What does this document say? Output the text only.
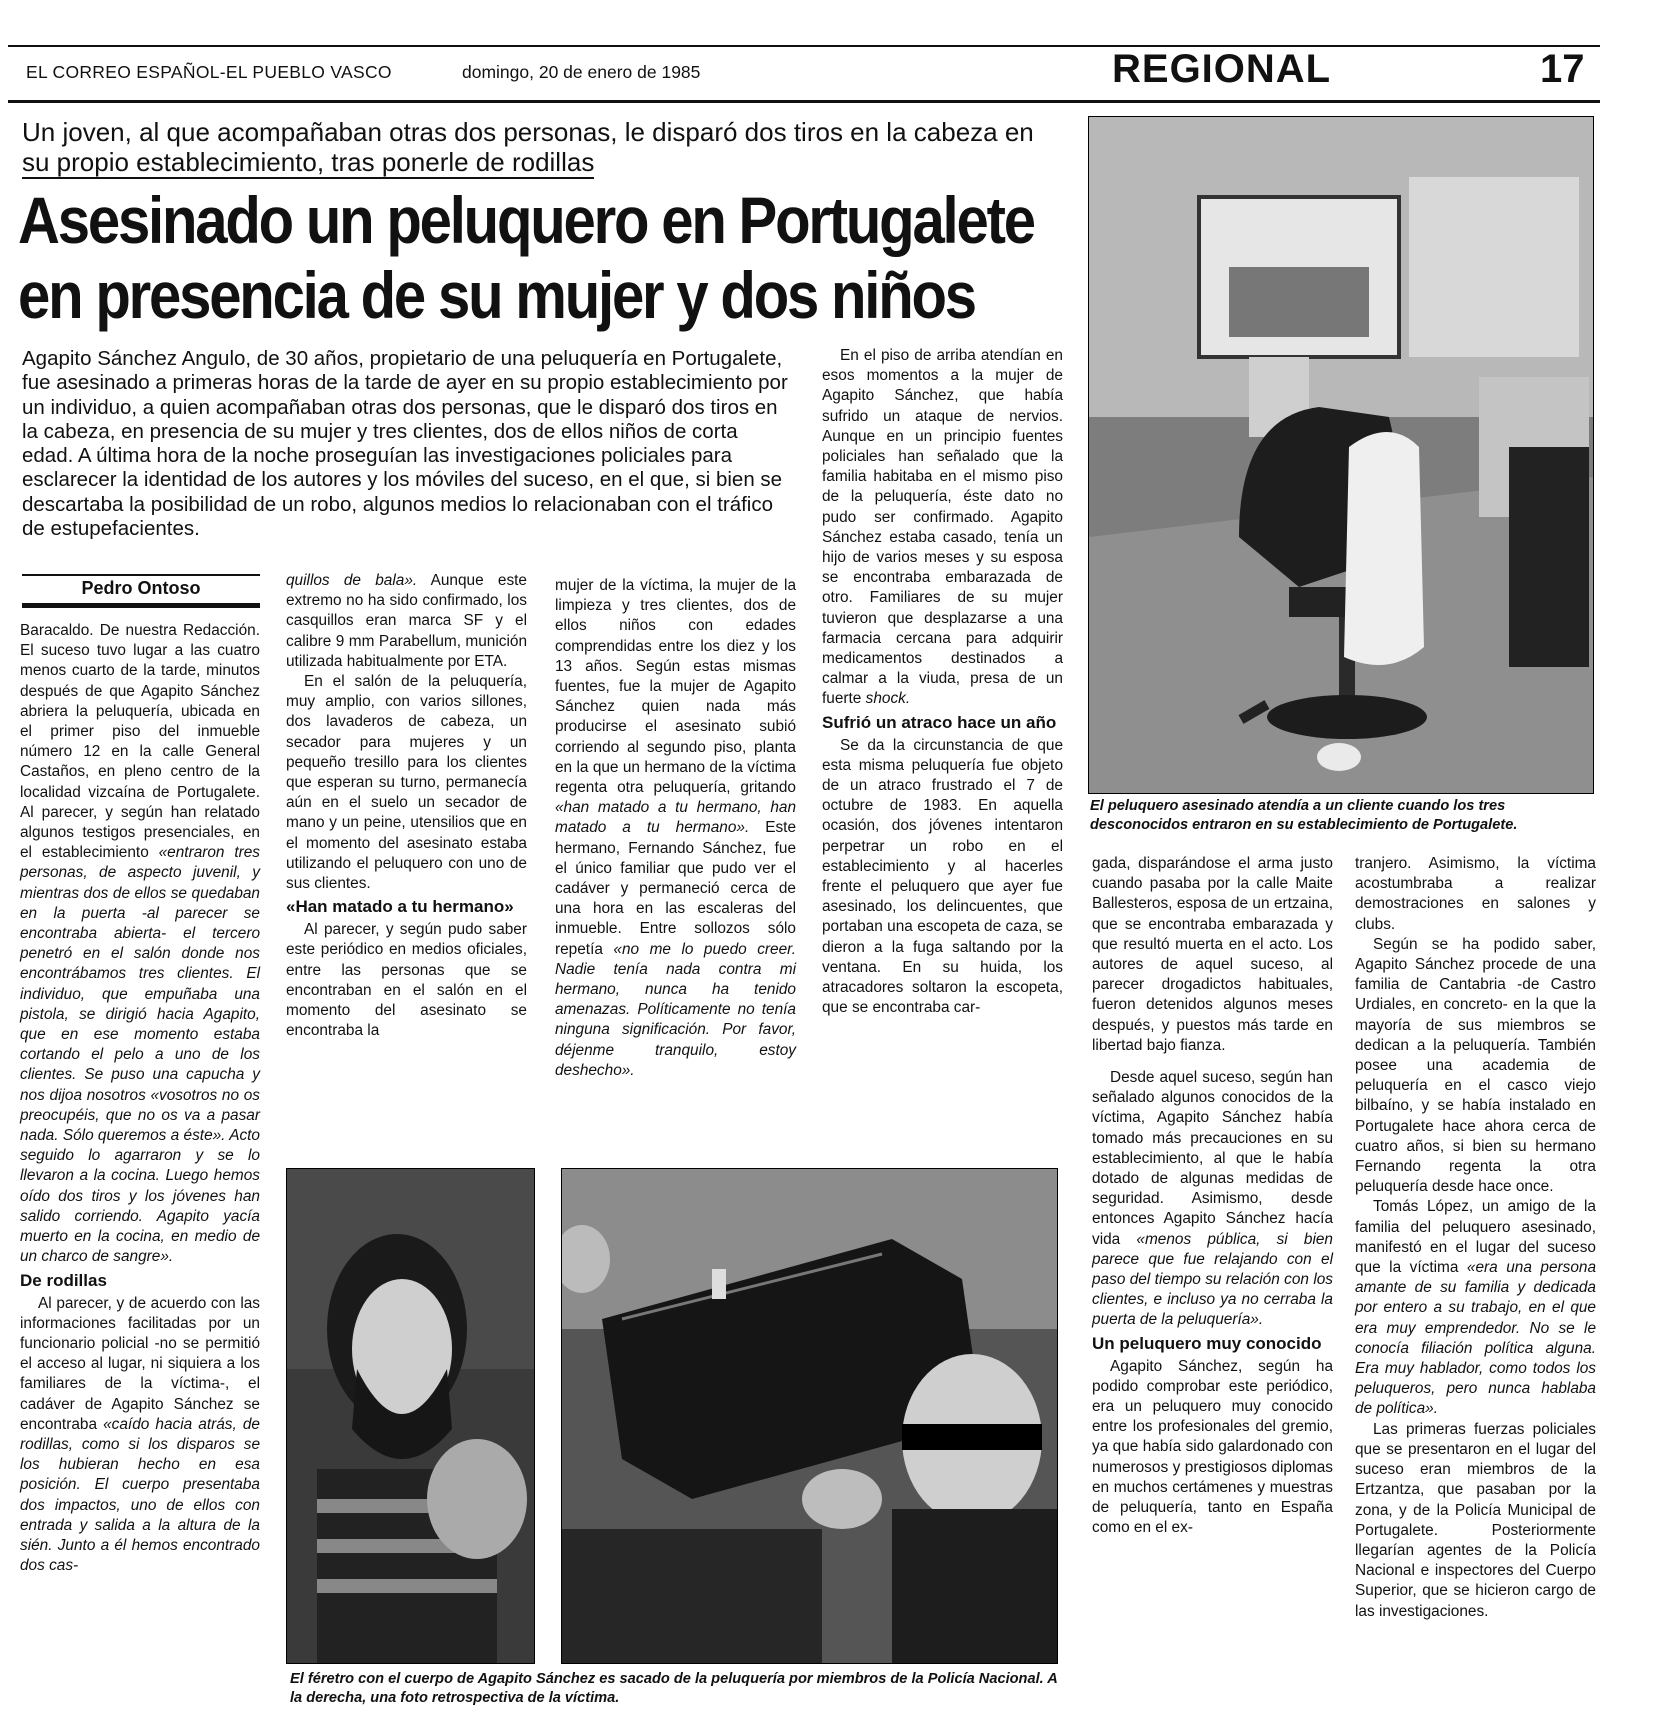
EL CORREO ESPAÑOL-EL PUEBLO VASCO	domingo, 20 de enero de 1985	REGIONAL	17
Un joven, al que acompañaban otras dos personas, le disparó dos tiros en la cabeza en
su propio establecimiento, tras ponerle de rodillas
Asesinado un peluquero en Portugalete
en presencia de su mujer y dos niños
Agapito Sánchez Angulo, de 30 años, propietario de una peluquería en Portugalete, fue asesinado a primeras horas de la tarde de ayer en su propio establecimiento por un individuo, a quien acompañaban otras dos personas, que le disparó dos tiros en la cabeza, en presencia de su mujer y tres clientes, dos de ellos niños de corta edad. A última hora de la noche proseguían las investigaciones policiales para esclarecer la identidad de los autores y los móviles del suceso, en el que, si bien se descartaba la posibilidad de un robo, algunos medios lo relacionaban con el tráfico de estupefacientes.
Pedro Ontoso

Baracaldo. De nuestra Redacción. El suceso tuvo lugar a las cuatro menos cuarto de la tarde, minutos después de que Agapito Sánchez abriera la peluquería, ubicada en el primer piso del inmueble número 12 en la calle General Castaños, en pleno centro de la localidad vizcaína de Portugalete. Al parecer, y según han relatado algunos testigos presenciales, en el establecimiento «entraron tres personas, de aspecto juvenil, y mientras dos de ellos se quedaban en la puerta -al parecer se encontraba abierta- el tercero penetró en el salón donde nos encontrábamos tres clientes. El individuo, que empuñaba una pistola, se dirigió hacia Agapito, que en ese momento estaba cortando el pelo a uno de los clientes. Se puso una capucha y nos dijoa nosotros «vosotros no os preocupéis, que no os va a pasar nada. Sólo queremos a éste». Acto seguido lo agarraron y se lo llevaron a la cocina. Luego hemos oído dos tiros y los jóvenes han salido corriendo. Agapito yacía muerto en la cocina, en medio de un charco de sangre».

De rodillas

Al parecer, y de acuerdo con las informaciones facilitadas por un funcionario policial -no se permitió el acceso al lugar, ni siquiera a los familiares de la víctima-, el cadáver de Agapito Sánchez se encontraba «caído hacia atrás, de rodillas, como si los disparos se los hubieran hecho en esa posición. El cuerpo presentaba dos impactos, uno de ellos con entrada y salida a la altura de la sién. Junto a él hemos encontrado dos cas-

quillos de bala». Aunque este extremo no ha sido confirmado, los casquillos eran marca SF y el calibre 9 mm Parabellum, munición utilizada habitualmente por ETA.

En el salón de la peluquería, muy amplio, con varios sillones, dos lavaderos de cabeza, un secador para mujeres y un pequeño tresillo para los clientes que esperan su turno, permanecía aún en el suelo un secador de mano y un peine, utensilios que en el momento del asesinato estaba utilizando el peluquero con uno de sus clientes.

«Han matado a tu hermano»

Al parecer, y según pudo saber este periódico en medios oficiales, entre las personas que se encontraban en el salón en el momento del asesinato se encontraba la

mujer de la víctima, la mujer de la limpieza y tres clientes, dos de ellos niños con edades comprendidas entre los diez y los 13 años. Según estas mismas fuentes, fue la mujer de Agapito Sánchez quien nada más producirse el asesinato subió corriendo al segundo piso, planta en la que un hermano de la víctima regenta otra peluquería, gritando «han matado a tu hermano, han matado a tu hermano». Este hermano, Fernando Sánchez, fue el único familiar que pudo ver el cadáver y permaneció cerca de una hora en las escaleras del inmueble. Entre sollozos sólo repetía «no me lo puedo creer. Nadie tenía nada contra mi hermano, nunca ha tenido amenazas. Políticamente no tenía ninguna significación. Por favor, déjenme tranquilo, estoy deshecho».

En el piso de arriba atendían en esos momentos a la mujer de Agapito Sánchez, que había sufrido un ataque de nervios. Aunque en un principio fuentes policiales han señalado que la familia habitaba en el mismo piso de la peluquería, éste dato no pudo ser confirmado. Agapito Sánchez estaba casado, tenía un hijo de varios meses y su esposa se encontraba embarazada de otro. Familiares de su mujer tuvieron que desplazarse a una farmacia cercana para adquirir medicamentos destinados a calmar a la viuda, presa de un fuerte shock.

Sufrió un atraco hace un año

Se da la circunstancia de que esta misma peluquería fue objeto de un atraco frustrado el 7 de octubre de 1983. En aquella ocasión, dos jóvenes intentaron perpetrar un robo en el establecimiento y al hacerles frente el peluquero que ayer fue asesinado, los delincuentes, que portaban una escopeta de caza, se dieron a la fuga saltando por la ventana. En su huida, los atracadores soltaron la escopeta, que se encontraba car-

El peluquero asesinado atendía a un cliente cuando los tres desconocidos entraron en su establecimiento de Portugalete.

gada, disparándose el arma justo cuando pasaba por la calle Maite Ballesteros, esposa de un ertzaina, que se encontraba embarazada y que resultó muerta en el acto. Los autores de aquel suceso, al parecer drogadictos habituales, fueron detenidos algunos meses después, y puestos más tarde en libertad bajo fianza.

Desde aquel suceso, según han señalado algunos conocidos de la víctima, Agapito Sánchez había tomado más precauciones en su establecimiento, al que le había dotado de algunas medidas de seguridad. Asimismo, desde entonces Agapito Sánchez hacía vida «menos pública, si bien parece que fue relajando con el paso del tiempo su relación con los clientes, e incluso ya no cerraba la puerta de la peluquería».

Un peluquero muy conocido

Agapito Sánchez, según ha podido comprobar este periódico, era un peluquero muy conocido entre los profesionales del gremio, ya que había sido galardonado con numerosos y prestigiosos diplomas en muchos certámenes y muestras de peluquería, tanto en España como en el ex-

tranjero. Asimismo, la víctima acostumbraba a realizar demostraciones en salones y clubs.

Según se ha podido saber, Agapito Sánchez procede de una familia de Cantabria -de Castro Urdiales, en concreto- en la que la mayoría de sus miembros se dedican a la peluquería. También posee una academia de peluquería en el casco viejo bilbaíno, y se había instalado en Portugalete hace ahora cerca de cuatro años, si bien su hermano Fernando regenta la otra peluquería desde hace once.

Tomás López, un amigo de la familia del peluquero asesinado, manifestó en el lugar del suceso que la víctima «era una persona amante de su familia y dedicada por entero a su trabajo, en el que era muy emprendedor. No se le conocía filiación política alguna. Era muy hablador, como todos los peluqueros, pero nunca hablaba de política».

Las primeras fuerzas policiales que se presentaron en el lugar del suceso eran miembros de la Ertzantza, que pasaban por la zona, y de la Policía Municipal de Portugalete. Posteriormente llegarían agentes de la Policía Nacional e inspectores del Cuerpo Superior, que se hicieron cargo de las investigaciones.

El féretro con el cuerpo de Agapito Sánchez es sacado de la peluquería por miembros de la Policía Nacional. A la derecha, una foto retrospectiva de la víctima.
